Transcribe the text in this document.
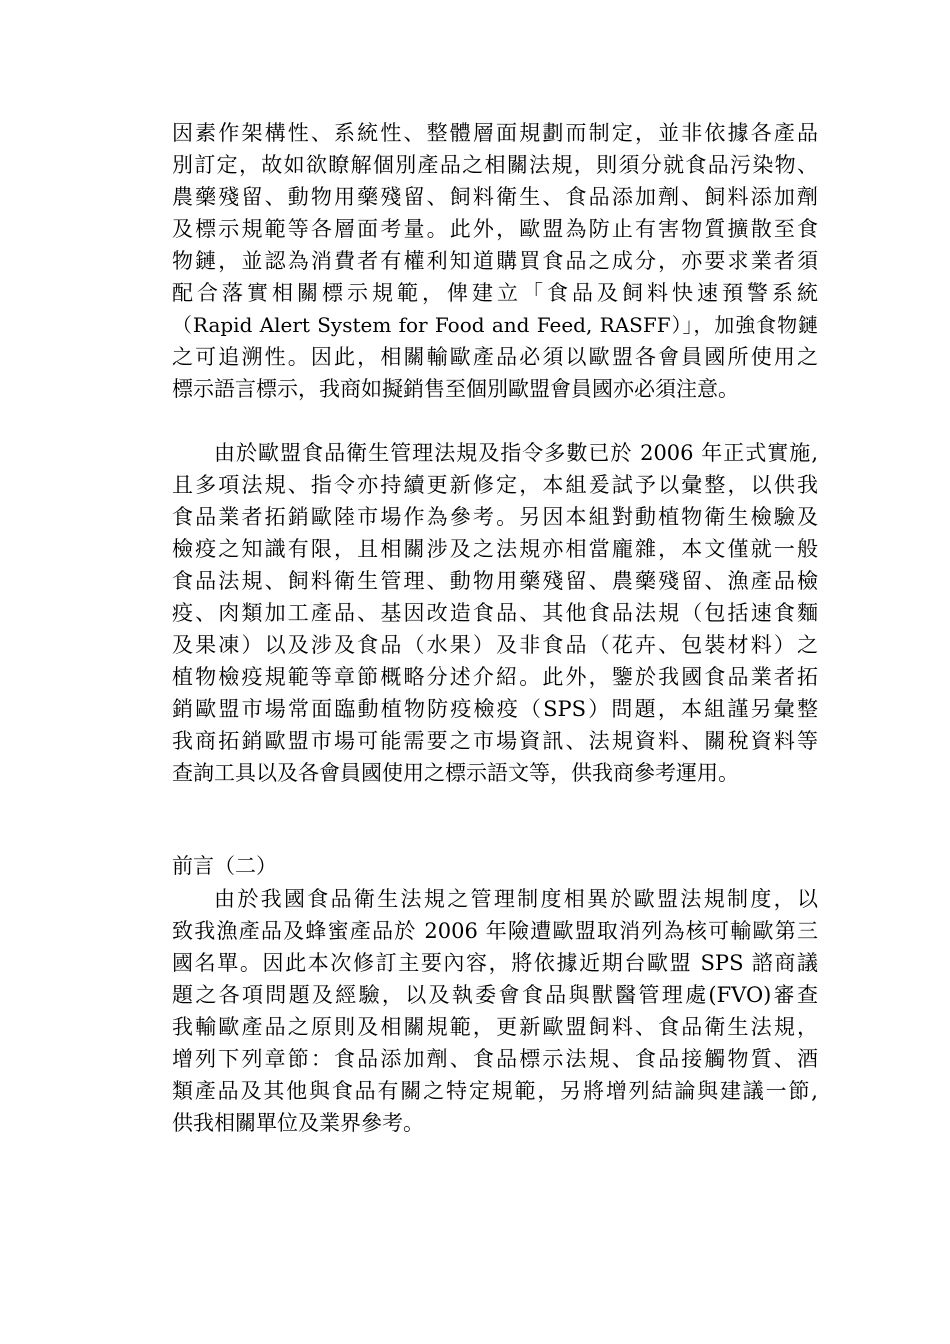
因素作架構性、系統性、整體層面規劃而制定，並非依據各產品
別訂定，故如欲瞭解個別產品之相關法規，則須分就食品污染物、
農藥殘留、動物用藥殘留、飼料衛生、食品添加劑、飼料添加劑
及標示規範等各層面考量。此外，歐盟為防止有害物質擴散至食
物鏈，並認為消費者有權利知道購買食品之成分，亦要求業者須
配合落實相關標示規範，俾建立「食品及飼料快速預警系統
（Rapid Alert System for Food and Feed, RASFF）」，加強食物鏈
之可追溯性。因此，相關輸歐產品必須以歐盟各會員國所使用之
標示語言標示，我商如擬銷售至個別歐盟會員國亦必須注意。
由於歐盟食品衛生管理法規及指令多數已於 2006 年正式實施,
且多項法規、指令亦持續更新修定，本組爰試予以彙整，以供我
食品業者拓銷歐陸市場作為參考。另因本組對動植物衛生檢驗及
檢疫之知識有限，且相關涉及之法規亦相當龐雜，本文僅就一般
食品法規、飼料衛生管理、動物用藥殘留、農藥殘留、漁產品檢
疫、肉類加工產品、基因改造食品、其他食品法規（包括速食麵
及果凍）以及涉及食品（水果）及非食品（花卉、包裝材料）之
植物檢疫規範等章節概略分述介紹。此外，鑒於我國食品業者拓
銷歐盟市場常面臨動植物防疫檢疫（SPS）問題，本組謹另彙整
我商拓銷歐盟市場可能需要之市場資訊、法規資料、關稅資料等
查詢工具以及各會員國使用之標示語文等，供我商參考運用。
前言（二）
由於我國食品衛生法規之管理制度相異於歐盟法規制度，以
致我漁產品及蜂蜜產品於 2006 年險遭歐盟取消列為核可輸歐第三
國名單。因此本次修訂主要內容，將依據近期台歐盟 SPS 諮商議
題之各項問題及經驗，以及執委會食品與獸醫管理處(FVO)審查
我輸歐產品之原則及相關規範，更新歐盟飼料、食品衛生法規，
增列下列章節：食品添加劑、食品標示法規、食品接觸物質、酒
類產品及其他與食品有關之特定規範，另將增列結論與建議一節,
供我相關單位及業界參考。
